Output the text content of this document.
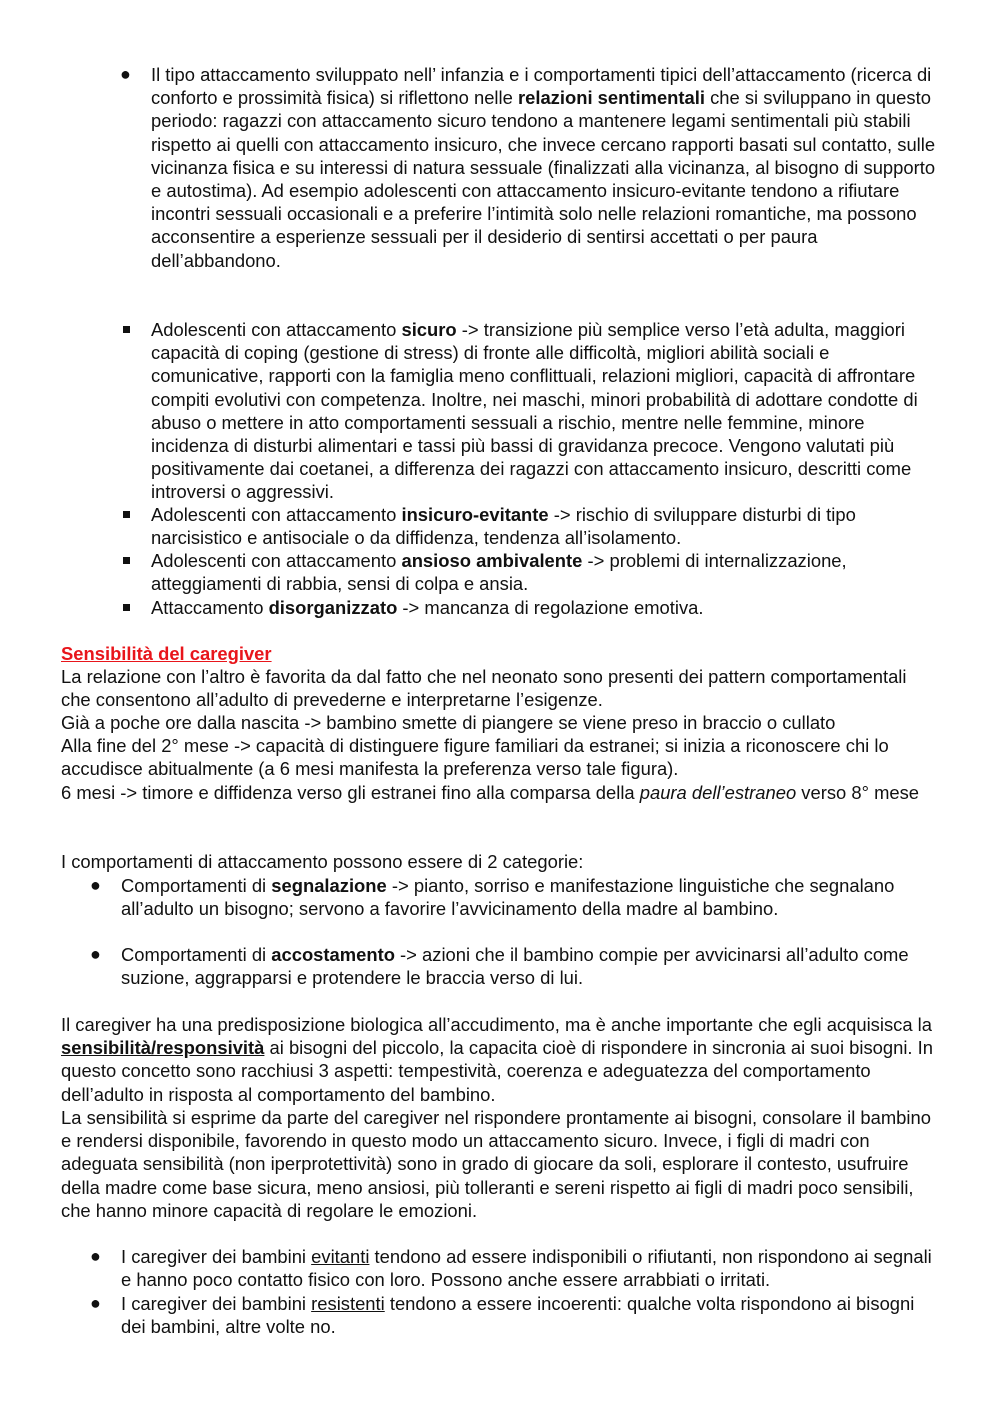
● Il tipo attaccamento sviluppato nell’ infanzia e i comportamenti tipici dell’attaccamento (ricerca di conforto e prossimità fisica) si riflettono nelle relazioni sentimentali che si sviluppano in questo periodo: ragazzi con attaccamento sicuro tendono a mantenere legami sentimentali più stabili rispetto ai quelli con attaccamento insicuro, che invece cercano rapporti basati sul contatto, sulle vicinanza fisica e su interessi di natura sessuale (finalizzati alla vicinanza, al bisogno di supporto e autostima). Ad esempio adolescenti con attaccamento insicuro-evitante tendono a rifiutare incontri sessuali occasionali e a preferire l’intimità solo nelle relazioni romantiche, ma possono acconsentire a esperienze sessuali per il desiderio di sentirsi accettati o per paura dell’abbandono.
Adolescenti con attaccamento sicuro -> transizione più semplice verso l’età adulta, maggiori capacità di coping (gestione di stress) di fronte alle difficoltà, migliori abilità sociali e comunicative, rapporti con la famiglia meno conflittuali, relazioni migliori, capacità di affrontare compiti evolutivi con competenza. Inoltre, nei maschi, minori probabilità di adottare condotte di abuso o mettere in atto comportamenti sessuali a rischio, mentre nelle femmine, minore incidenza di disturbi alimentari e tassi più bassi di gravidanza precoce. Vengono valutati più positivamente dai coetanei, a differenza dei ragazzi con attaccamento insicuro, descritti come introversi o aggressivi.
Adolescenti con attaccamento insicuro-evitante -> rischio di sviluppare disturbi di tipo narcisistico e antisociale o da diffidenza, tendenza all’isolamento.
Adolescenti con attaccamento ansioso ambivalente -> problemi di internalizzazione, atteggiamenti di rabbia, sensi di colpa e ansia.
Attaccamento disorganizzato -> mancanza di regolazione emotiva.

Sensibilità del caregiver

La relazione con l’altro è favorita da dal fatto che nel neonato sono presenti dei pattern comportamentali che consentono all’adulto di prevederne e interpretarne l’esigenze.

Già a poche ore dalla nascita -> bambino smette di piangere se viene preso in braccio o cullato

Alla fine del 2° mese -> capacità di distinguere figure familiari da estranei; si inizia a riconoscere chi lo accudisce abitualmente (a 6 mesi manifesta la preferenza verso tale figura).

6 mesi -> timore e diffidenza verso gli estranei fino alla comparsa della paura dell’estraneo verso 8° mese

I comportamenti di attaccamento possono essere di 2 categorie:

● Comportamenti di segnalazione -> pianto, sorriso e manifestazione linguistiche che segnalano all’adulto un bisogno; servono a favorire l’avvicinamento della madre al bambino.
● Comportamenti di accostamento -> azioni che il bambino compie per avvicinarsi all’adulto come suzione, aggrapparsi e protendere le braccia verso di lui.

Il caregiver ha una predisposizione biologica all’accudimento, ma è anche importante che egli acquisisca la sensibilità/responsività ai bisogni del piccolo, la capacita cioè di rispondere in sincronia ai suoi bisogni. In questo concetto sono racchiusi 3 aspetti: tempestività, coerenza e adeguatezza del comportamento dell’adulto in risposta al comportamento del bambino.

La sensibilità si esprime da parte del caregiver nel rispondere prontamente ai bisogni, consolare il bambino e rendersi disponibile, favorendo in questo modo un attaccamento sicuro. Invece, i figli di madri con adeguata sensibilità (non iperprotettività) sono in grado di giocare da soli, esplorare il contesto, usufruire della madre come base sicura, meno ansiosi, più tolleranti e sereni rispetto ai figli di madri poco sensibili, che hanno minore capacità di regolare le emozioni.

● I caregiver dei bambini evitanti tendono ad essere indisponibili o rifiutanti, non rispondono ai segnali e hanno poco contatto fisico con loro. Possono anche essere arrabbiati o irritati.
● I caregiver dei bambini resistenti tendono a essere incoerenti: qualche volta rispondono ai bisogni dei bambini, altre volte no.
